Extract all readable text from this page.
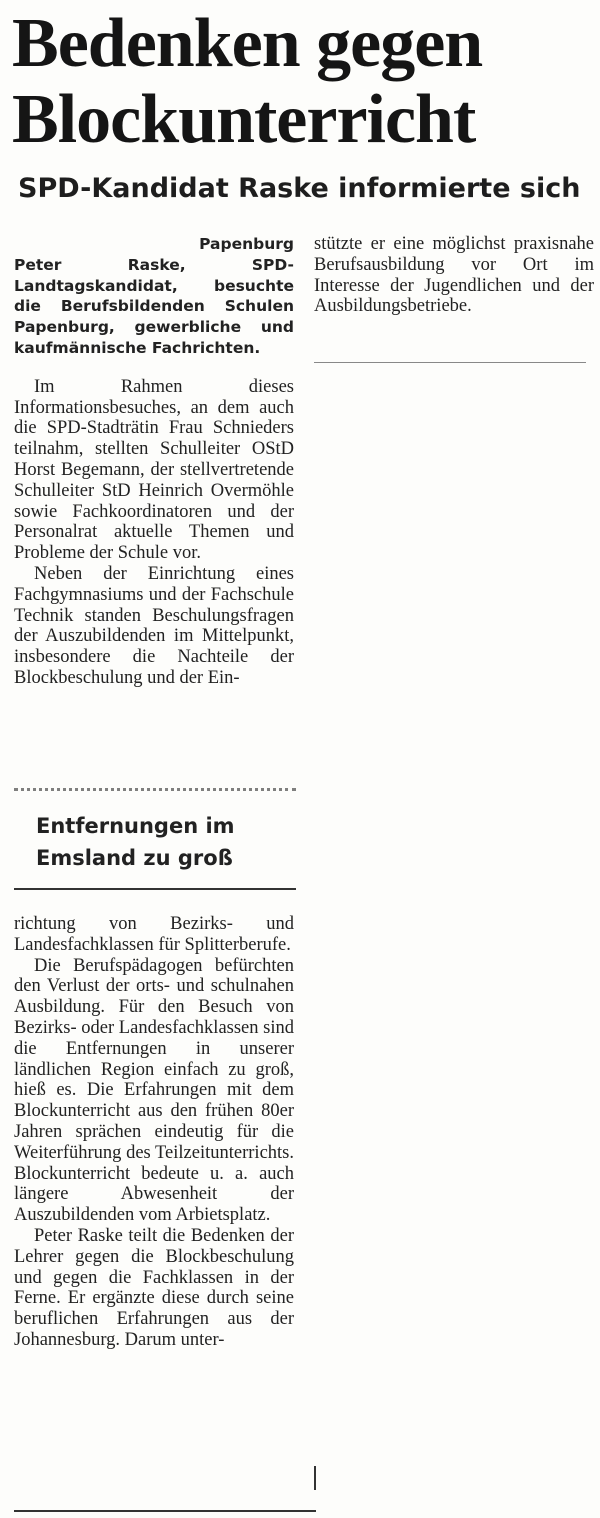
Bedenken gegen Blockunterricht
SPD-Kandidat Raske informierte sich
Papenburg

Peter Raske, SPD-Landtagskandidat, besuchte die Berufsbildenden Schulen Papenburg, gewerbliche und kaufmännische Fachrichten.

Im Rahmen dieses Informationsbesuches, an dem auch die SPD-Stadträtin Frau Schnieders teilnahm, stellten Schulleiter OStD Horst Begemann, der stellvertretende Schulleiter StD Heinrich Overmöhle sowie Fachkoordinatoren und der Personalrat aktuelle Themen und Probleme der Schule vor.

Neben der Einrichtung eines Fachgymnasiums und der Fachschule Technik standen Beschulungsfragen der Auszubildenden im Mittelpunkt, insbesondere die Nachteile der Blockbeschulung und der Ein-

Entfernungen im Emsland zu groß

richtung von Bezirks- und Landesfachklassen für Splitterberufe.

Die Berufspädagogen befürchten den Verlust der orts- und schulnahen Ausbildung. Für den Besuch von Bezirks- oder Landesfachklassen sind die Entfernungen in unserer ländlichen Region einfach zu groß, hieß es. Die Erfahrungen mit dem Blockunterricht aus den frühen 80er Jahren sprächen eindeutig für die Weiterführung des Teilzeitunterrichts. Blockunterricht bedeute u. a. auch längere Abwesenheit der Auszubildenden vom Arbietsplatz.

Peter Raske teilt die Bedenken der Lehrer gegen die Blockbeschulung und gegen die Fachklassen in der Ferne. Er ergänzte diese durch seine beruflichen Erfahrungen aus der Johannesburg. Darum unter-

stützte er eine möglichst praxisnahe Berufsausbildung vor Ort im Interesse der Jugendlichen und der Ausbildungsbetriebe.
